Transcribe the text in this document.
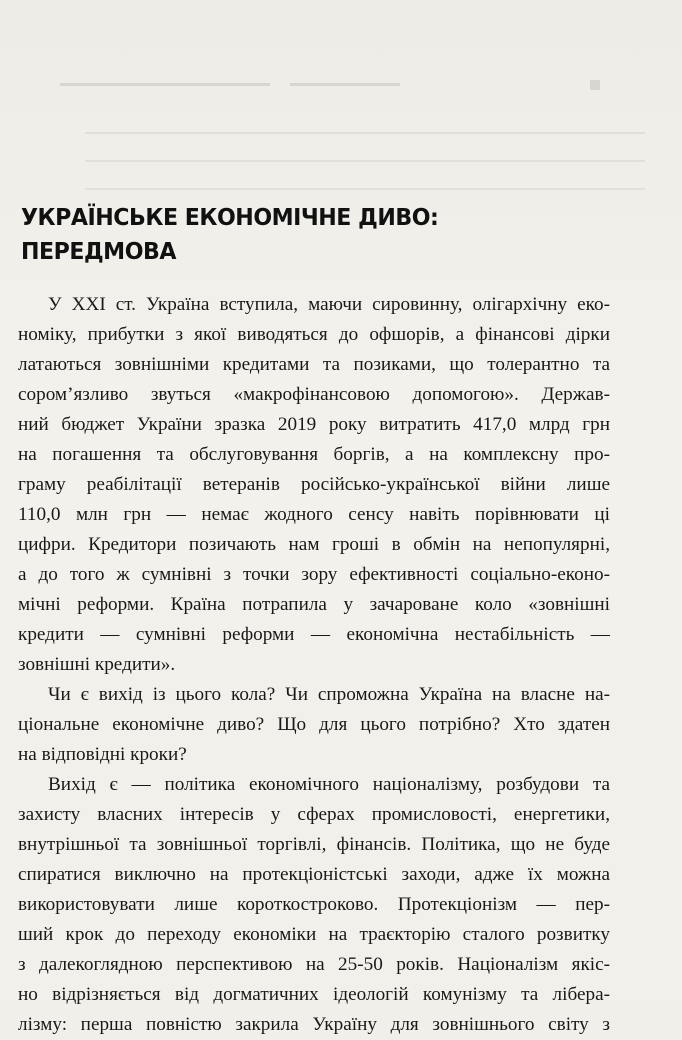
УКРАЇНСЬКЕ ЕКОНОМІЧНЕ ДИВО:
ПЕРЕДМОВА

У XXI ст. Україна вступила, маючи сировинну, олігархічну еко-
номіку, прибутки з якої виводяться до офшорів, а фінансові дірки
латаються зовнішніми кредитами та позиками, що толерантно та
сором’язливо звуться «макрофінансовою допомогою». Держав-
ний бюджет України зразка 2019 року витратить 417,0 млрд грн
на погашення та обслуговування боргів, а на комплексну про-
граму реабілітації ветеранів російсько-української війни лише
110,0 млн грн — немає жодного сенсу навіть порівнювати ці
цифри. Кредитори позичають нам гроші в обмін на непопулярні,
а до того ж сумнівні з точки зору ефективності соціально-еконо-
мічні реформи. Країна потрапила у зачароване коло «зовнішні
кредити — сумнівні реформи — економічна нестабільність —
зовнішні кредити».

Чи є вихід із цього кола? Чи спроможна Україна на власне на-
ціональне економічне диво? Що для цього потрібно? Хто здатен
на відповідні кроки?

Вихід є — політика економічного націоналізму, розбудови та
захисту власних інтересів у сферах промисловості, енергетики,
внутрішньої та зовнішньої торгівлі, фінансів. Політика, що не буде
спиратися виключно на протекціоністські заходи, адже їх можна
використовувати лише короткостроково. Протекціонізм — пер-
ший крок до переходу економіки на траєкторію сталого розвитку
з далекоглядною перспективою на 25-50 років. Націоналізм якіс-
но відрізняється від догматичних ідеологій комунізму та лібера-
лізму: перша повністю закрила Україну для зовнішнього світу з
